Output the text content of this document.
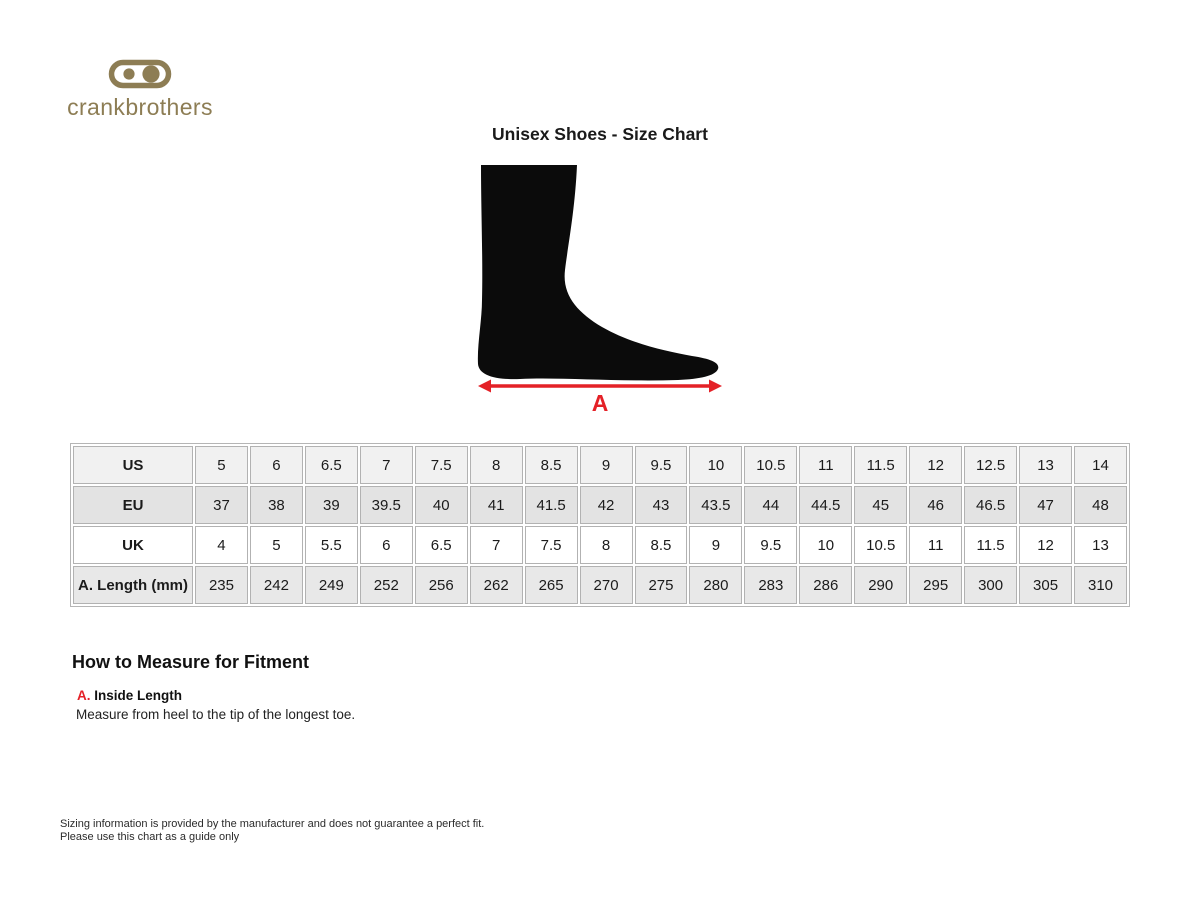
crankbrothers
Unisex Shoes - Size Chart
A
US	5	6	6.5	7	7.5	8	8.5	9	9.5	10	10.5	11	11.5	12	12.5	13	14
EU	37	38	39	39.5	40	41	41.5	42	43	43.5	44	44.5	45	46	46.5	47	48
UK	4	5	5.5	6	6.5	7	7.5	8	8.5	9	9.5	10	10.5	11	11.5	12	13
A. Length (mm)	235	242	249	252	256	262	265	270	275	280	283	286	290	295	300	305	310
How to Measure for Fitment
A. Inside Length
Measure from heel to the tip of the longest toe.
Sizing information is provided by the manufacturer and does not guarantee a perfect fit.
Please use this chart as a guide only
